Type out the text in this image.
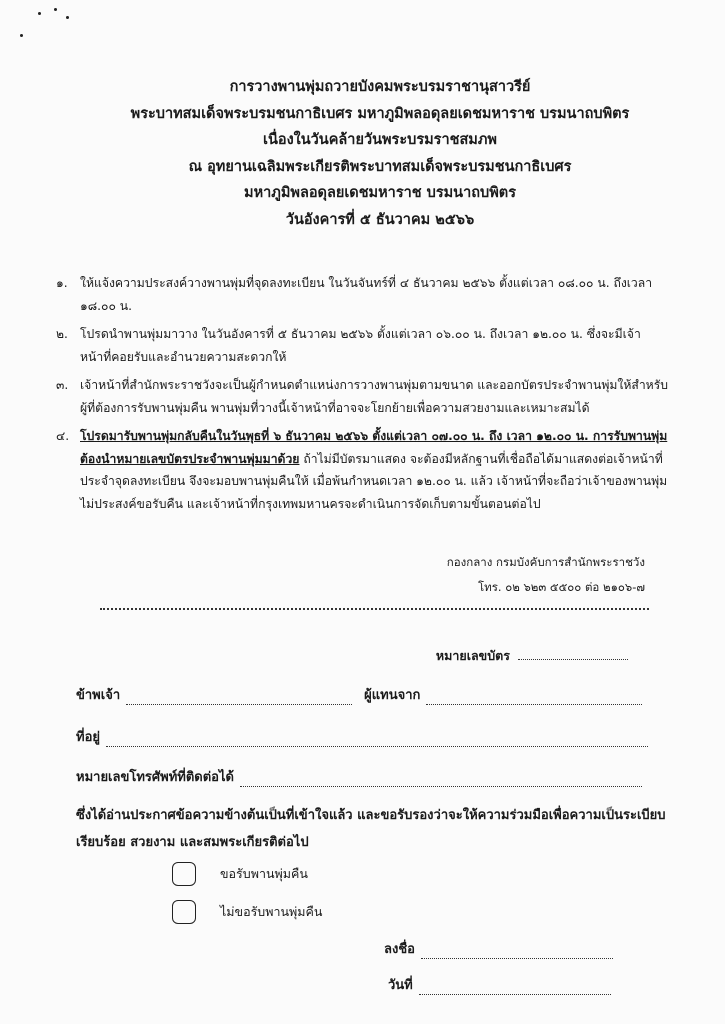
การวางพานพุ่มถวายบังคมพระบรมราชานุสาวรีย์
พระบาทสมเด็จพระบรมชนกาธิเบศร มหาภูมิพลอดุลยเดชมหาราช บรมนาถบพิตร
เนื่องในวันคล้ายวันพระบรมราชสมภพ
ณ อุทยานเฉลิมพระเกียรติพระบาทสมเด็จพระบรมชนกาธิเบศร
มหาภูมิพลอดุลยเดชมหาราช บรมนาถบพิตร
วันอังคารที่ ๕ ธันวาคม ๒๕๖๖
๑. ให้แจ้งความประสงค์วางพานพุ่มที่จุดลงทะเบียน ในวันจันทร์ที่ ๔ ธันวาคม ๒๕๖๖ ตั้งแต่เวลา ๐๘.๐๐ น. ถึงเวลา ๑๘.๐๐ น.
๒. โปรดนำพานพุ่มมาวาง ในวันอังคารที่ ๕ ธันวาคม ๒๕๖๖ ตั้งแต่เวลา ๐๖.๐๐ น. ถึงเวลา ๑๒.๐๐ น. ซึ่งจะมีเจ้าหน้าที่คอยรับและอำนวยความสะดวกให้
๓. เจ้าหน้าที่สำนักพระราชวังจะเป็นผู้กำหนดตำแหน่งการวางพานพุ่มตามขนาด และออกบัตรประจำพานพุ่มให้สำหรับผู้ที่ต้องการรับพานพุ่มคืน พานพุ่มที่วางนี้เจ้าหน้าที่อาจจะโยกย้ายเพื่อความสวยงามและเหมาะสมได้
๔. โปรดมารับพานพุ่มกลับคืนในวันพุธที่ ๖ ธันวาคม ๒๕๖๖ ตั้งแต่เวลา ๐๗.๐๐ น. ถึง เวลา ๑๒.๐๐ น. การรับพานพุ่มต้องนำหมายเลขบัตรประจำพานพุ่มมาด้วย ถ้าไม่มีบัตรมาแสดง จะต้องมีหลักฐานที่เชื่อถือได้มาแสดงต่อเจ้าหน้าที่ประจำจุดลงทะเบียน จึงจะมอบพานพุ่มคืนให้ เมื่อพ้นกำหนดเวลา ๑๒.๐๐ น. แล้ว เจ้าหน้าที่จะถือว่าเจ้าของพานพุ่มไม่ประสงค์ขอรับคืน และเจ้าหน้าที่กรุงเทพมหานครจะดำเนินการจัดเก็บตามขั้นตอนต่อไป
กองกลาง กรมบังคับการสำนักพระราชวัง
โทร. ๐๒ ๖๒๓ ๕๕๐๐ ต่อ ๒๑๐๖-๗
หมายเลขบัตร
ข้าพเจ้า	ผู้แทนจาก
ที่อยู่
หมายเลขโทรศัพท์ที่ติดต่อได้
ซึ่งได้อ่านประกาศข้อความข้างต้นเป็นที่เข้าใจแล้ว และขอรับรองว่าจะให้ความร่วมมือเพื่อความเป็นระเบียบเรียบร้อย สวยงาม และสมพระเกียรติต่อไป
ขอรับพานพุ่มคืน
ไม่ขอรับพานพุ่มคืน
ลงชื่อ
วันที่
